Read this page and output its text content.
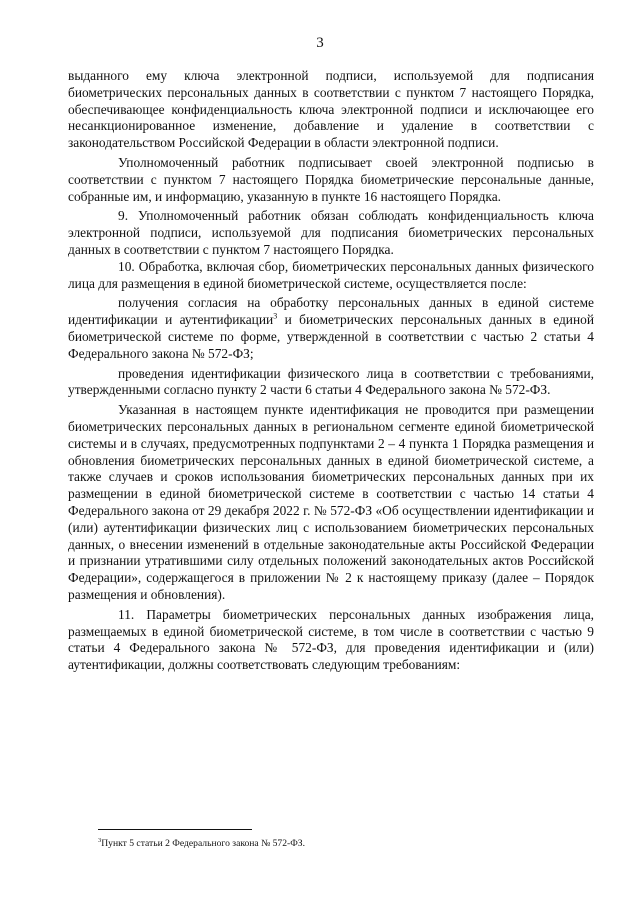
3

выданного ему ключа электронной подписи, используемой для подписания биометрических персональных данных в соответствии с пунктом 7 настоящего Порядка, обеспечивающее конфиденциальность ключа электронной подписи и исключающее его несанкционированное изменение, добавление и удаление в соответствии с законодательством Российской Федерации в области электронной подписи.

Уполномоченный работник подписывает своей электронной подписью в соответствии с пунктом 7 настоящего Порядка биометрические персональные данные, собранные им, и информацию, указанную в пункте 16 настоящего Порядка.

9. Уполномоченный работник обязан соблюдать конфиденциальность ключа электронной подписи, используемой для подписания биометрических персональных данных в соответствии с пунктом 7 настоящего Порядка.

10. Обработка, включая сбор, биометрических персональных данных физического лица для размещения в единой биометрической системе, осуществляется после:

получения согласия на обработку персональных данных в единой системе идентификации и аутентификации$^3$ и биометрических персональных данных в единой биометрической системе по форме, утвержденной в соответствии с частью 2 статьи 4 Федерального закона № 572-ФЗ;

проведения идентификации физического лица в соответствии с требованиями, утвержденными согласно пункту 2 части 6 статьи 4 Федерального закона № 572-ФЗ.

Указанная в настоящем пункте идентификация не проводится при размещении биометрических персональных данных в региональном сегменте единой биометрической системы и в случаях, предусмотренных подпунктами 2 – 4 пункта 1 Порядка размещения и обновления биометрических персональных данных в единой биометрической системе, а также случаев и сроков использования биометрических персональных данных при их размещении в единой биометрической системе в соответствии с частью 14 статьи 4 Федерального закона от 29 декабря 2022 г. № 572-ФЗ «Об осуществлении идентификации и (или) аутентификации физических лиц с использованием биометрических персональных данных, о внесении изменений в отдельные законодательные акты Российской Федерации и признании утратившими силу отдельных положений законодательных актов Российской Федерации», содержащегося в приложении № 2 к настоящему приказу (далее – Порядок размещения и обновления).

11. Параметры биометрических персональных данных изображения лица, размещаемых в единой биометрической системе, в том числе в соответствии с частью 9 статьи 4 Федерального закона № 572-ФЗ, для проведения идентификации и (или) аутентификации, должны соответствовать следующим требованиям:

$^3$Пункт 5 статьи 2 Федерального закона № 572-ФЗ.
